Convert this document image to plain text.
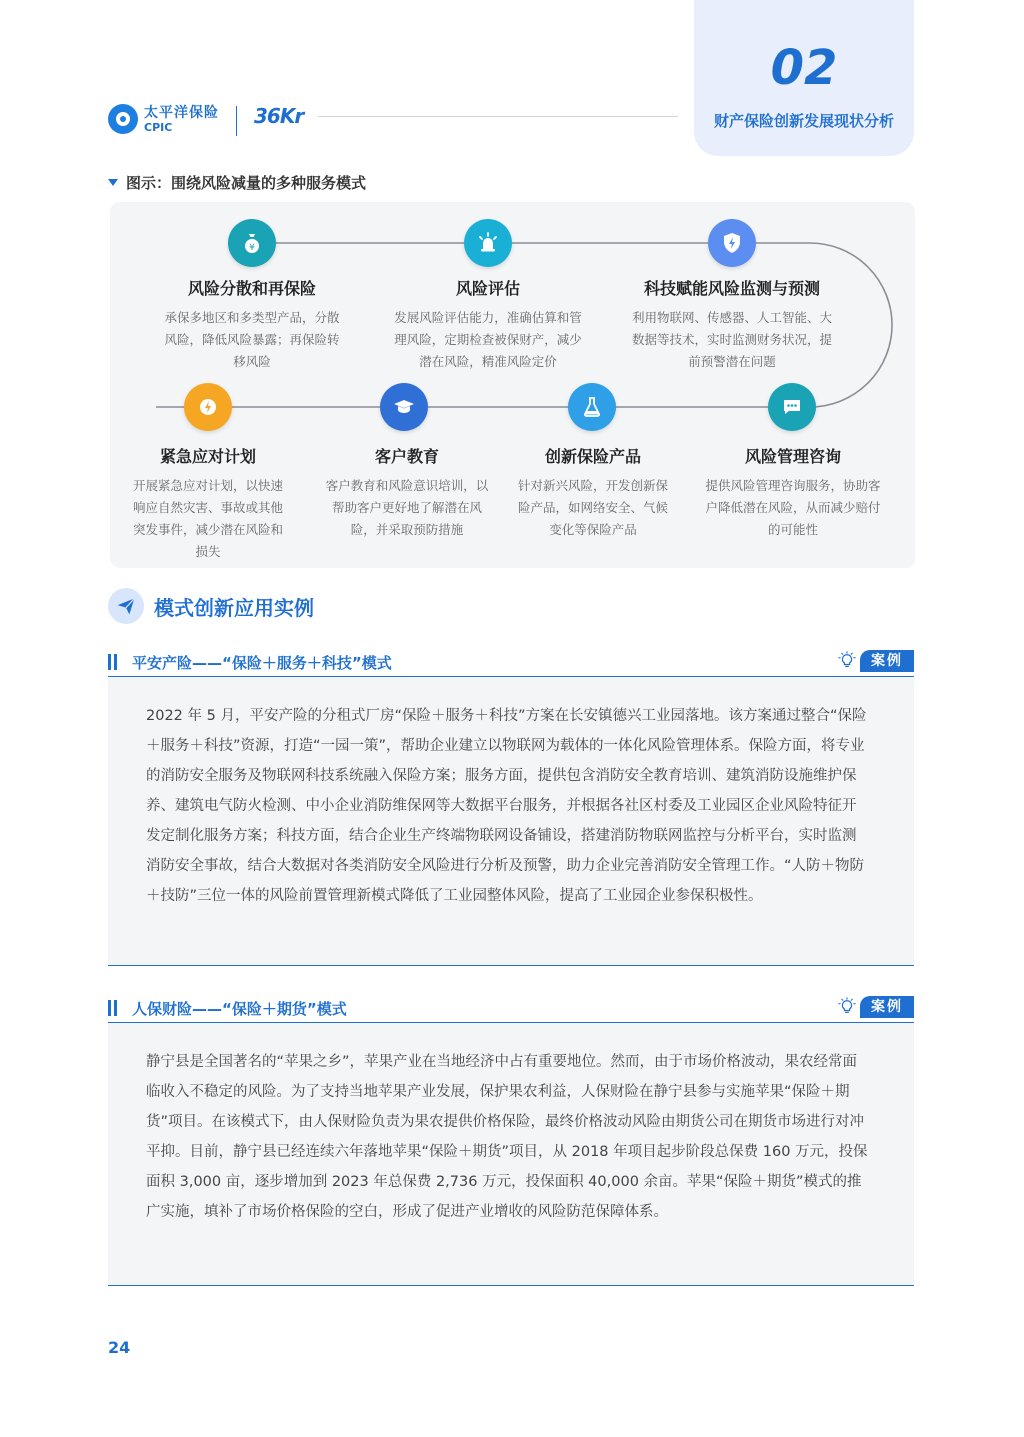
太平洋保险
CPIC	36Kr
02
财产保险创新发展现状分析
图示：围绕风险减量的多种服务模式
¥
风险分散和再保险
承保多地区和多类型产品，分散风险，降低风险暴露；再保险转移风险
风险评估
发展风险评估能力，准确估算和管理风险，定期检查被保财产，减少潜在风险，精准风险定价
科技赋能风险监测与预测
利用物联网、传感器、人工智能、大数据等技术，实时监测财务状况，提前预警潜在问题
紧急应对计划
开展紧急应对计划，以快速响应自然灾害、事故或其他突发事件，减少潜在风险和损失
客户教育
客户教育和风险意识培训，以帮助客户更好地了解潜在风险，并采取预防措施
创新保险产品
针对新兴风险，开发创新保险产品，如网络安全、气候变化等保险产品
风险管理咨询
提供风险管理咨询服务，协助客户降低潜在风险，从而减少赔付的可能性
模式创新应用实例
平安产险——“保险＋服务＋科技”模式	案例

2022 年 5 月，平安产险的分租式厂房“保险＋服务＋科技”方案在长安镇德兴工业园落地。该方案通过整合“保险＋服务＋科技”资源，打造“一园一策”，帮助企业建立以物联网为载体的一体化风险管理体系。保险方面，将专业的消防安全服务及物联网科技系统融入保险方案；服务方面，提供包含消防安全教育培训、建筑消防设施维护保养、建筑电气防火检测、中小企业消防维保网等大数据平台服务，并根据各社区村委及工业园区企业风险特征开发定制化服务方案；科技方面，结合企业生产终端物联网设备铺设，搭建消防物联网监控与分析平台，实时监测消防安全事故，结合大数据对各类消防安全风险进行分析及预警，助力企业完善消防安全管理工作。“人防＋物防＋技防”三位一体的风险前置管理新模式降低了工业园整体风险，提高了工业园企业参保积极性。

人保财险——“保险＋期货”模式	案例

静宁县是全国著名的“苹果之乡”，苹果产业在当地经济中占有重要地位。然而，由于市场价格波动，果农经常面临收入不稳定的风险。为了支持当地苹果产业发展，保护果农利益，人保财险在静宁县参与实施苹果“保险＋期货”项目。在该模式下，由人保财险负责为果农提供价格保险，最终价格波动风险由期货公司在期货市场进行对冲平抑。目前，静宁县已经连续六年落地苹果“保险＋期货”项目，从 2018 年项目起步阶段总保费 160 万元，投保面积 3,000 亩，逐步增加到 2023 年总保费 2,736 万元，投保面积 40,000 余亩。苹果“保险＋期货”模式的推广实施，填补了市场价格保险的空白，形成了促进产业增收的风险防范保障体系。

24
